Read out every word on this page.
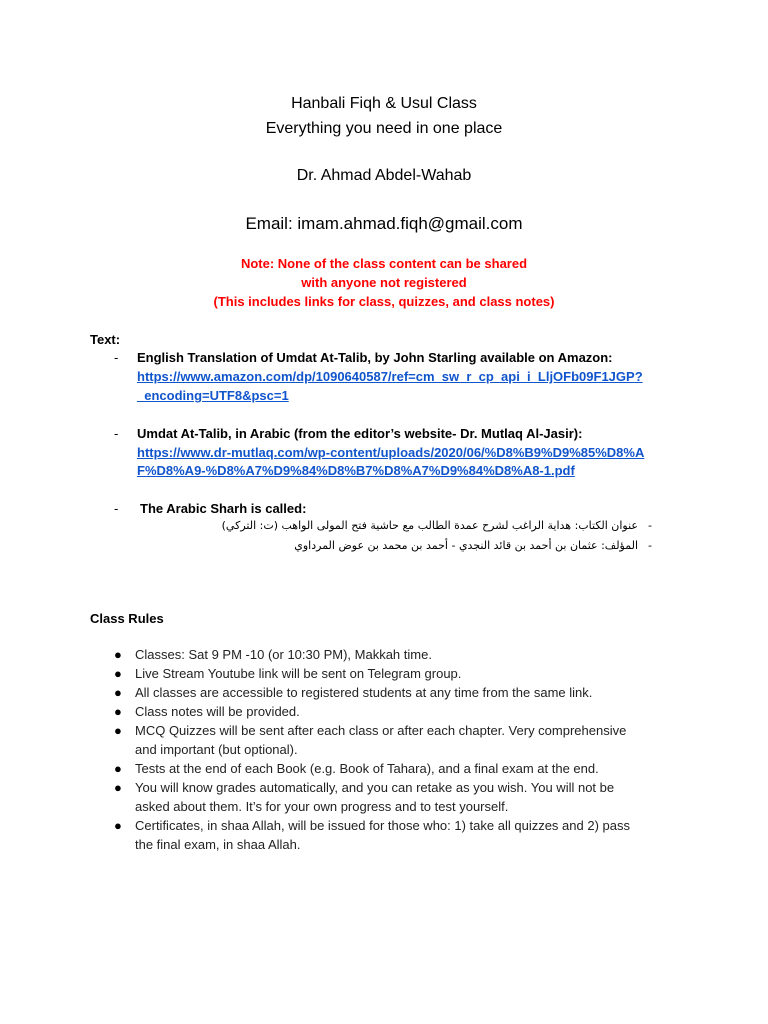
Hanbali Fiqh & Usul Class
Everything you need in one place
Dr. Ahmad Abdel-Wahab
Email: imam.ahmad.fiqh@gmail.com
Note: None of the class content can be shared
with anyone not registered
(This includes links for class, quizzes, and class notes)
Text:
- English Translation of Umdat At-Talib, by John Starling available on Amazon:
https://www.amazon.com/dp/1090640587/ref=cm_sw_r_cp_api_i_LljOFb09F1JGP?
_encoding=UTF8&psc=1
- Umdat At-Talib, in Arabic (from the editor’s website- Dr. Mutlaq Al-Jasir):
https://www.dr-mutlaq.com/wp-content/uploads/2020/06/%D8%B9%D9%85%D8%A
F%D8%A9-%D8%A7%D9%84%D8%B7%D8%A7%D9%84%D8%A8-1.pdf
- The Arabic Sharh is called:
-
عنوان الكتاب: هداية الراغب لشرح عمدة الطالب مع حاشية فتح المولى الواهب (ت: التركي)
-
المؤلف: عثمان بن أحمد بن قائد النجدي - أحمد بن محمد بن عوض المرداوي
Class Rules
● Classes: Sat 9 PM -10 (or 10:30 PM), Makkah time.
● Live Stream Youtube link will be sent on Telegram group.
● All classes are accessible to registered students at any time from the same link.
● Class notes will be provided.
● MCQ Quizzes will be sent after each class or after each chapter. Very comprehensive
and important (but optional).
● Tests at the end of each Book (e.g. Book of Tahara), and a final exam at the end.
● You will know grades automatically, and you can retake as you wish. You will not be
asked about them. It’s for your own progress and to test yourself.
● Certificates, in shaa Allah, will be issued for those who: 1) take all quizzes and 2) pass
the final exam, in shaa Allah.
